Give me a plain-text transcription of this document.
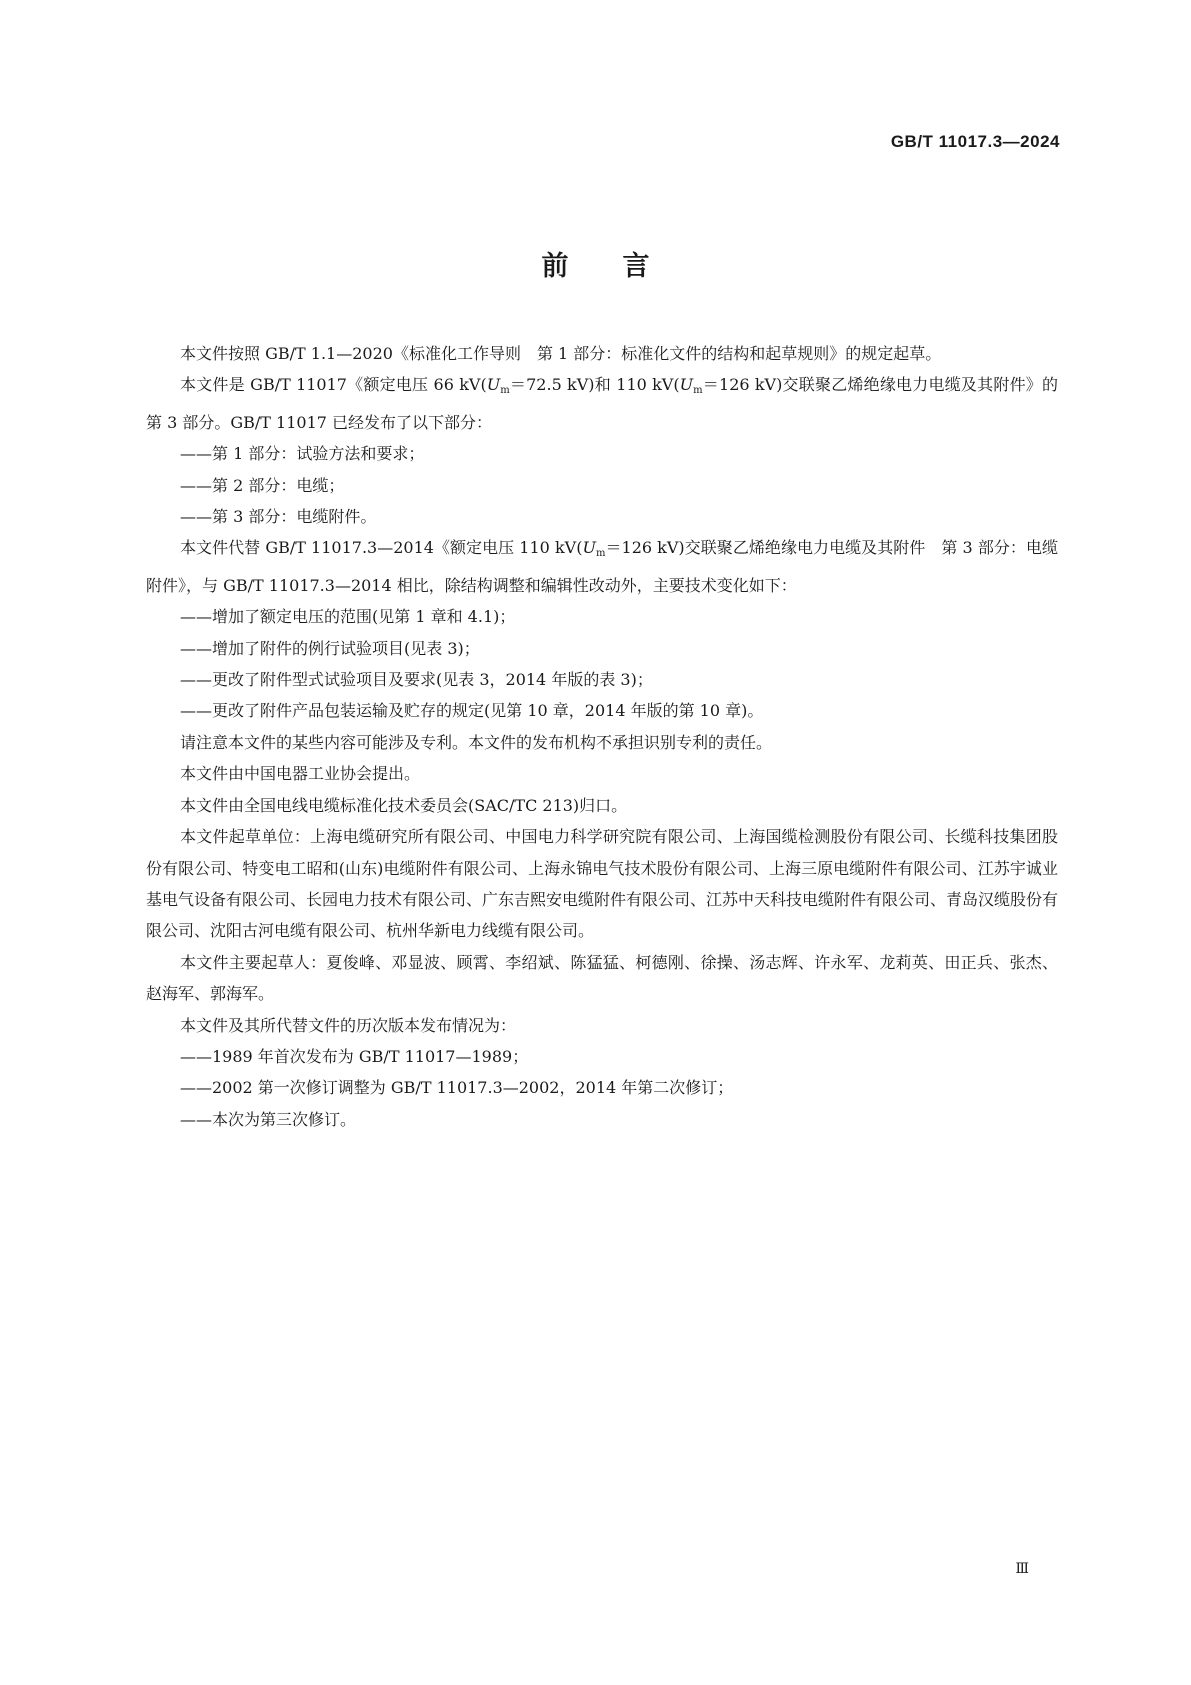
GB/T 11017.3—2024
前言

本文件按照 GB/T 1.1—2020《标准化工作导则　第 1 部分：标准化文件的结构和起草规则》的规定起草。

本文件是 GB/T 11017《额定电压 66 $kV(U_m=72.5$ kV)和 110 $kV(U_m=126$ kV)交联聚乙烯绝缘电力电缆及其附件》的第 3 部分。GB/T 11017 已经发布了以下部分：

——第 1 部分：试验方法和要求；

——第 2 部分：电缆；

——第 3 部分：电缆附件。

本文件代替 GB/T 11017.3—2014《额定电压 110 $kV(U_m=126$ kV)交联聚乙烯绝缘电力电缆及其附件　第 3 部分：电缆附件》，与 GB/T 11017.3—2014 相比，除结构调整和编辑性改动外，主要技术变化如下：

——增加了额定电压的范围(见第 1 章和 4.1)；

——增加了附件的例行试验项目(见表 3)；

——更改了附件型式试验项目及要求(见表 3，2014 年版的表 3)；

——更改了附件产品包装运输及贮存的规定(见第 10 章，2014 年版的第 10 章)。

请注意本文件的某些内容可能涉及专利。本文件的发布机构不承担识别专利的责任。

本文件由中国电器工业协会提出。

本文件由全国电线电缆标准化技术委员会(SAC/TC 213)归口。

本文件起草单位：上海电缆研究所有限公司、中国电力科学研究院有限公司、上海国缆检测股份有限公司、长缆科技集团股份有限公司、特变电工昭和(山东)电缆附件有限公司、上海永锦电气技术股份有限公司、上海三原电缆附件有限公司、江苏宇诚业基电气设备有限公司、长园电力技术有限公司、广东吉熙安电缆附件有限公司、江苏中天科技电缆附件有限公司、青岛汉缆股份有限公司、沈阳古河电缆有限公司、杭州华新电力线缆有限公司。

本文件主要起草人：夏俊峰、邓显波、顾霄、李绍斌、陈猛猛、柯德刚、徐操、汤志辉、许永军、龙莉英、田正兵、张杰、赵海军、郭海军。

本文件及其所代替文件的历次版本发布情况为：

——1989 年首次发布为 GB/T 11017—1989；

——2002 第一次修订调整为 GB/T 11017.3—2002，2014 年第二次修订；

——本次为第三次修订。

Ⅲ
